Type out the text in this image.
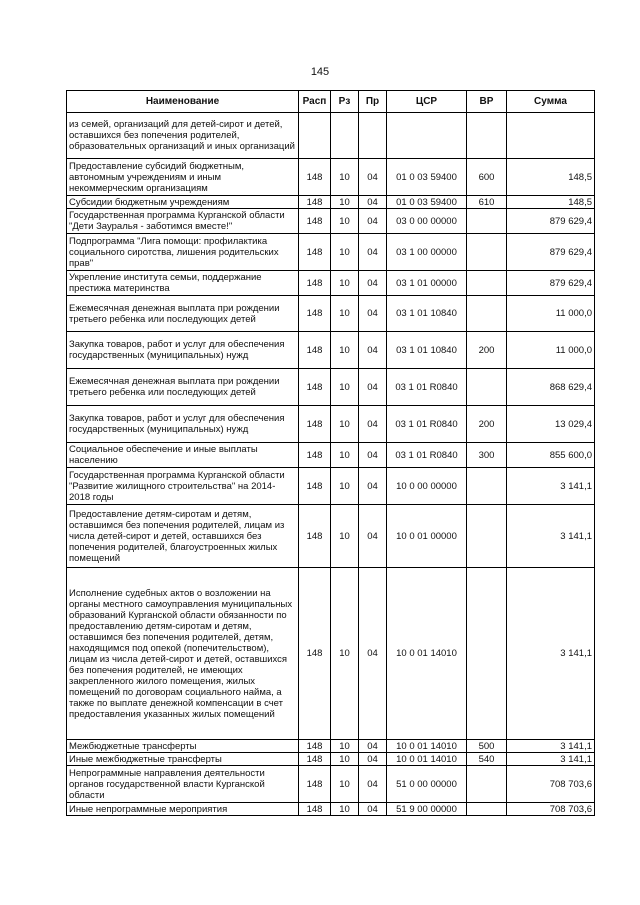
145
Наименование	Расп	Рз	Пр	ЦСР	ВР	Сумма
из семей, организаций для детей-сирот и детей, оставшихся без попечения родителей, образовательных организаций и иных организаций						
Предоставление субсидий бюджетным, автономным учреждениям и иным некоммерческим организациям	148	10	04	01 0 03 59400	600	148,5
Субсидии бюджетным учреждениям	148	10	04	01 0 03 59400	610	148,5
Государственная программа Курганской области "Дети Зауралья - заботимся вместе!"	148	10	04	03 0 00 00000		879 629,4
Подпрограмма "Лига помощи: профилактика социального сиротства, лишения родительских прав"	148	10	04	03 1 00 00000		879 629,4
Укрепление института семьи, поддержание престижа материнства	148	10	04	03 1 01 00000		879 629,4
Ежемесячная денежная выплата при рождении третьего ребенка или последующих детей	148	10	04	03 1 01 10840		11 000,0
Закупка товаров, работ и услуг для обеспечения государственных (муниципальных) нужд	148	10	04	03 1 01 10840	200	11 000,0
Ежемесячная денежная выплата при рождении третьего ребенка или последующих детей	148	10	04	03 1 01 R0840		868 629,4
Закупка товаров, работ и услуг для обеспечения государственных (муниципальных) нужд	148	10	04	03 1 01 R0840	200	13 029,4
Социальное обеспечение и иные выплаты населению	148	10	04	03 1 01 R0840	300	855 600,0
Государственная программа Курганской области "Развитие жилищного строительства" на 2014-2018 годы	148	10	04	10 0 00 00000		3 141,1
Предоставление детям-сиротам и детям, оставшимся без попечения родителей, лицам из числа детей-сирот и детей, оставшихся без попечения родителей, благоустроенных жилых помещений	148	10	04	10 0 01 00000		3 141,1
Исполнение судебных актов о возложении на органы местного самоуправления муниципальных образований Курганской области обязанности по предоставлению детям-сиротам и детям, оставшимся без попечения родителей, детям, находящимся под опекой (попечительством), лицам из числа детей-сирот и детей, оставшихся без попечения родителей, не имеющих закрепленного жилого помещения, жилых помещений по договорам социального найма, а также по выплате денежной компенсации в счет предоставления указанных жилых помещений	148	10	04	10 0 01 14010		3 141,1
Межбюджетные трансферты	148	10	04	10 0 01 14010	500	3 141,1
Иные межбюджетные трансферты	148	10	04	10 0 01 14010	540	3 141,1
Непрограммные направления деятельности органов государственной власти Курганской области	148	10	04	51 0 00 00000		708 703,6
Иные непрограммные мероприятия	148	10	04	51 9 00 00000		708 703,6
